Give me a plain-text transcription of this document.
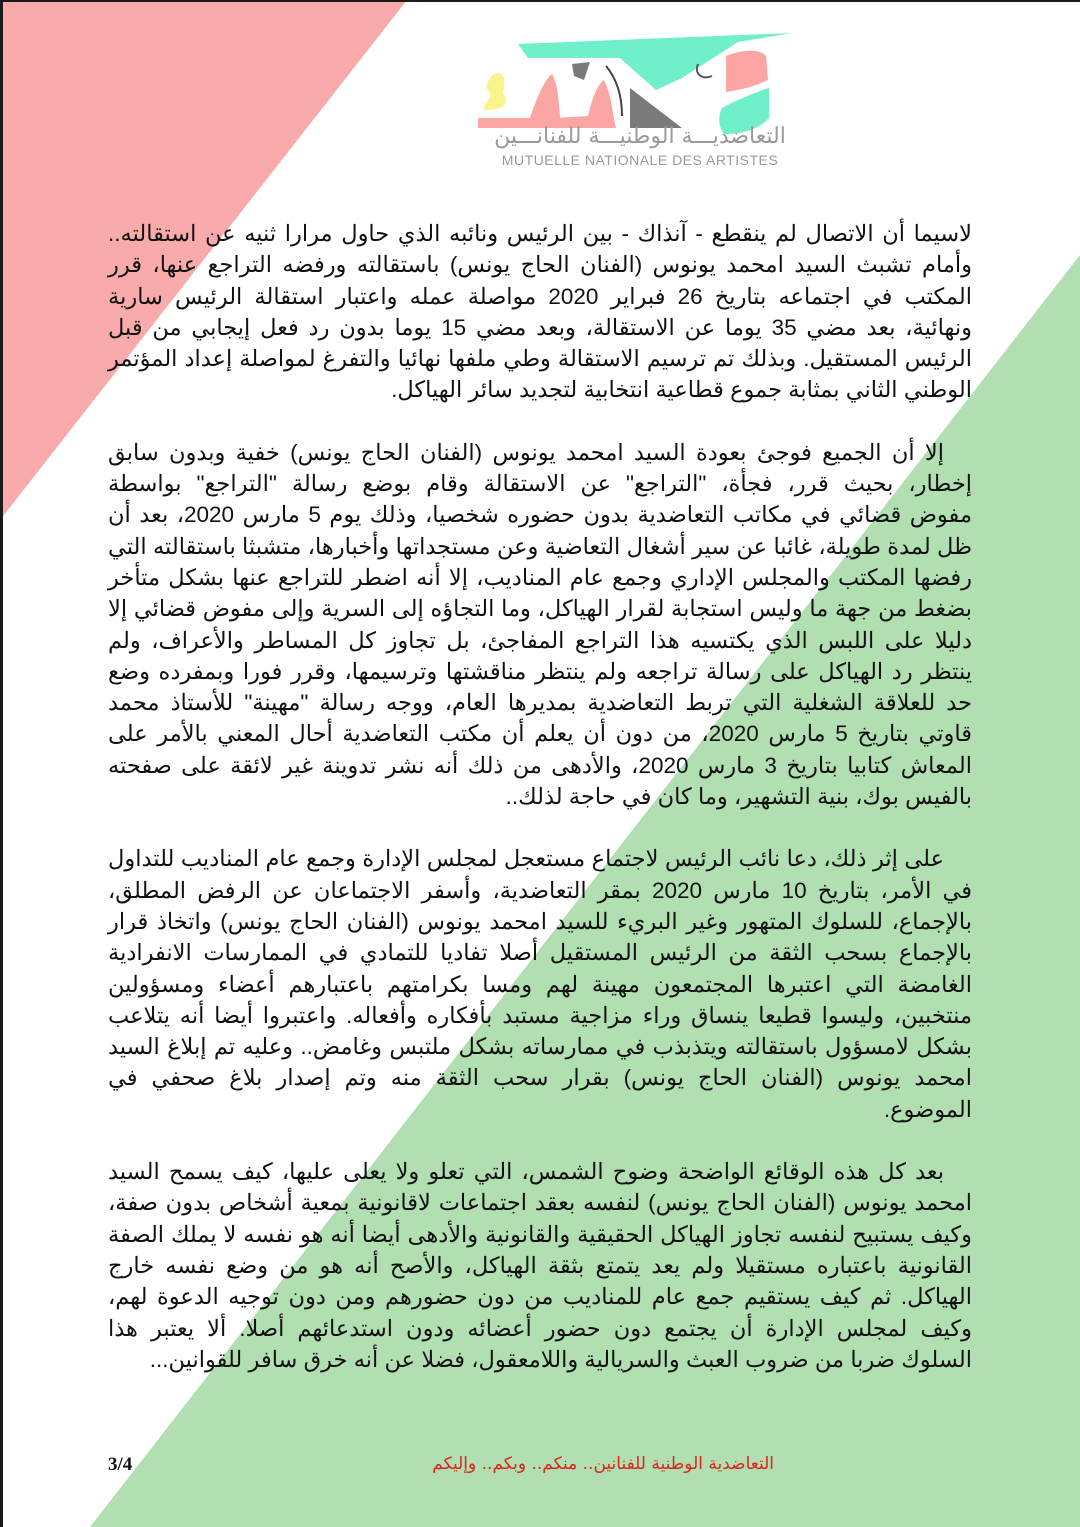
التعاضديـــة الوطنيـــة للفنانـــين
MUTUELLE NATIONALE DES ARTISTES
لاسيما أن الاتصال لم ينقطع - آنذاك - بين الرئيس ونائبه الذي حاول مرارا ثنيه عن استقالته..
وأمام تشبث السيد امحمد يونوس (الفنان الحاج يونس) باستقالته ورفضه التراجع عنها، قرر
المكتب في اجتماعه بتاريخ 26 فبراير 2020 مواصلة عمله واعتبار استقالة الرئيس سارية
ونهائية، بعد مضي 35 يوما عن الاستقالة، وبعد مضي 15 يوما بدون رد فعل إيجابي من قبل
الرئيس المستقيل. وبذلك تم ترسيم الاستقالة وطي ملفها نهائيا والتفرغ لمواصلة إعداد المؤتمر
الوطني الثاني بمثابة جموع قطاعية انتخابية لتجديد سائر الهياكل.
إلا أن الجميع فوجئ بعودة السيد امحمد يونوس (الفنان الحاج يونس) خفية وبدون سابق
إخطار، بحيث قرر، فجأة، "التراجع" عن الاستقالة وقام بوضع رسالة "التراجع" بواسطة
مفوض قضائي في مكاتب التعاضدية بدون حضوره شخصيا، وذلك يوم 5 مارس 2020، بعد أن
ظل لمدة طويلة، غائبا عن سير أشغال التعاضية وعن مستجداتها وأخبارها، متشبثا باستقالته التي
رفضها المكتب والمجلس الإداري وجمع عام المناديب، إلا أنه اضطر للتراجع عنها بشكل متأخر
بضغط من جهة ما وليس استجابة لقرار الهياكل، وما التجاؤه إلى السرية وإلى مفوض قضائي إلا
دليلا على اللبس الذي يكتسيه هذا التراجع المفاجئ، بل تجاوز كل المساطر والأعراف، ولم
ينتظر رد الهياكل على رسالة تراجعه ولم ينتظر مناقشتها وترسيمها، وقرر فورا وبمفرده وضع
حد للعلاقة الشغلية التي تربط التعاضدية بمديرها العام، ووجه رسالة "مهينة" للأستاذ محمد
قاوتي بتاريخ 5 مارس 2020، من دون أن يعلم أن مكتب التعاضدية أحال المعني بالأمر على
المعاش كتابيا بتاريخ 3 مارس 2020، والأدهى من ذلك أنه نشر تدوينة غير لائقة على صفحته
بالفيس بوك، بنية التشهير، وما كان في حاجة لذلك..
على إثر ذلك، دعا نائب الرئيس لاجتماع مستعجل لمجلس الإدارة وجمع عام المناديب للتداول
في الأمر، بتاريخ 10 مارس 2020 بمقر التعاضدية، وأسفر الاجتماعان عن الرفض المطلق،
بالإجماع، للسلوك المتهور وغير البريء للسيد امحمد يونوس (الفنان الحاج يونس) واتخاذ قرار
بالإجماع بسحب الثقة من الرئيس المستقيل أصلا تفاديا للتمادي في الممارسات الانفرادية
الغامضة التي اعتبرها المجتمعون مهينة لهم ومسا بكرامتهم باعتبارهم أعضاء ومسؤولين
منتخبين، وليسوا قطيعا ينساق وراء مزاجية مستبد بأفكاره وأفعاله. واعتبروا أيضا أنه يتلاعب
بشكل لامسؤول باستقالته ويتذبذب في ممارساته بشكل ملتبس وغامض.. وعليه تم إبلاغ السيد
امحمد يونوس (الفنان الحاج يونس) بقرار سحب الثقة منه وتم إصدار بلاغ صحفي في
الموضوع.
بعد كل هذه الوقائع الواضحة وضوح الشمس، التي تعلو ولا يعلى عليها، كيف يسمح السيد
امحمد يونوس (الفنان الحاج يونس) لنفسه بعقد اجتماعات لاقانونية بمعية أشخاص بدون صفة،
وكيف يستبيح لنفسه تجاوز الهياكل الحقيقية والقانونية والأدهى أيضا أنه هو نفسه لا يملك الصفة
القانونية باعتباره مستقيلا ولم يعد يتمتع بثقة الهياكل، والأصح أنه هو من وضع نفسه خارج
الهياكل. ثم كيف يستقيم جمع عام للمناديب من دون حضورهم ومن دون توجيه الدعوة لهم،
وكيف لمجلس الإدارة أن يجتمع دون حضور أعضائه ودون استدعائهم أصلا. ألا يعتبر هذا
السلوك ضربا من ضروب العبث والسريالية واللامعقول، فضلا عن أنه خرق سافر للقوانين...
التعاضدية الوطنية للفنانين.. منكم.. وبكم.. وإليكم
3/4
